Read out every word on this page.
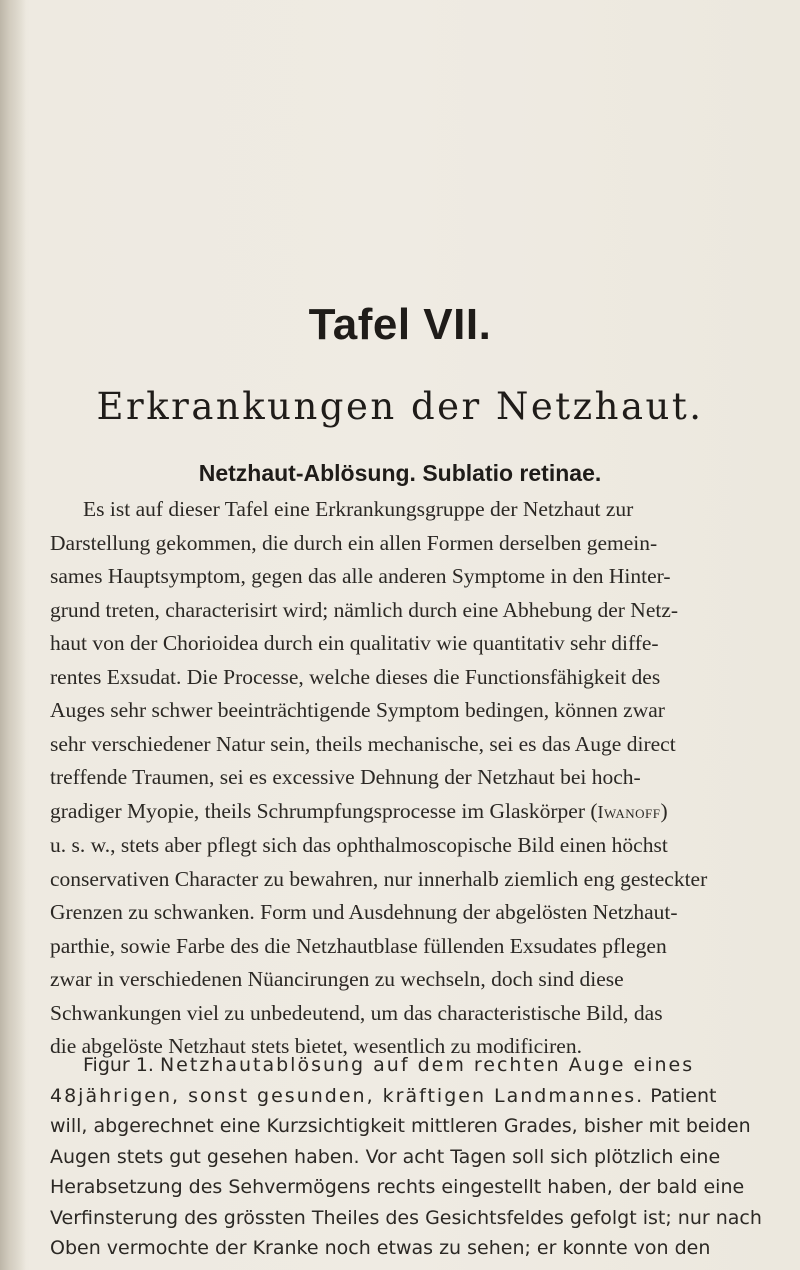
Tafel VII.
Erkrankungen der Netzhaut.
Netzhaut-Ablösung. Sublatio retinae.
Es ist auf dieser Tafel eine Erkrankungsgruppe der Netzhaut zur
Darstellung gekommen, die durch ein allen Formen derselben gemein-
sames Hauptsymptom, gegen das alle anderen Symptome in den Hinter-
grund treten, characterisirt wird; nämlich durch eine Abhebung der Netz-
haut von der Chorioidea durch ein qualitativ wie quantitativ sehr diffe-
rentes Exsudat. Die Processe, welche dieses die Functionsfähigkeit des
Auges sehr schwer beeinträchtigende Symptom bedingen, können zwar
sehr verschiedener Natur sein, theils mechanische, sei es das Auge direct
treffende Traumen, sei es excessive Dehnung der Netzhaut bei hoch-
gradiger Myopie, theils Schrumpfungsprocesse im Glaskörper (Iwanoff)
u. s. w., stets aber pflegt sich das ophthalmoscopische Bild einen höchst
conservativen Character zu bewahren, nur innerhalb ziemlich eng gesteckter
Grenzen zu schwanken. Form und Ausdehnung der abgelösten Netzhaut-
parthie, sowie Farbe des die Netzhautblase füllenden Exsudates pflegen
zwar in verschiedenen Nüancirungen zu wechseln, doch sind diese
Schwankungen viel zu unbedeutend, um das characteristische Bild, das
die abgelöste Netzhaut stets bietet, wesentlich zu modificiren.
Figur 1. Netzhautablösung auf dem rechten Auge eines
48jährigen, sonst gesunden, kräftigen Landmannes. Patient
will, abgerechnet eine Kurzsichtigkeit mittleren Grades, bisher mit beiden
Augen stets gut gesehen haben. Vor acht Tagen soll sich plötzlich eine
Herabsetzung des Sehvermögens rechts eingestellt haben, der bald eine
Verfinsterung des grössten Theiles des Gesichtsfeldes gefolgt ist; nur nach
Oben vermochte der Kranke noch etwas zu sehen; er konnte von den
